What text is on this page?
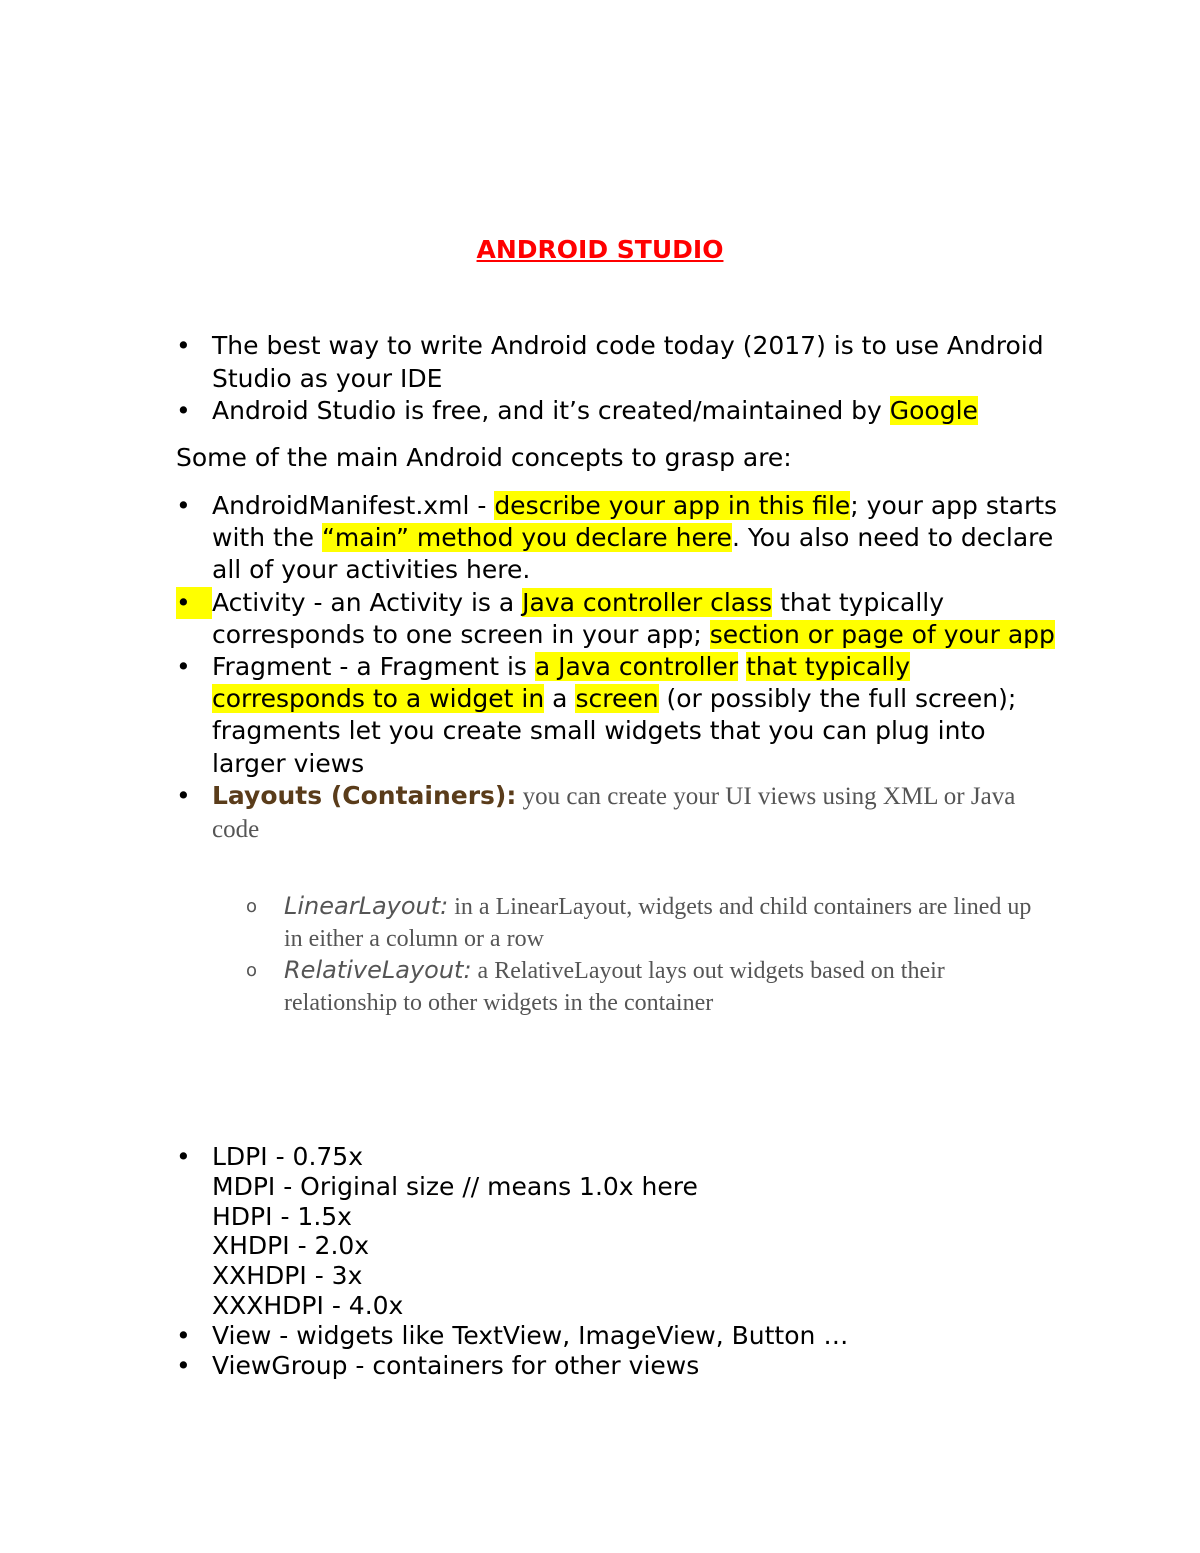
ANDROID STUDIO
• The best way to write Android code today (2017) is to use Android Studio as your IDE
• Android Studio is free, and it’s created/maintained by Google
Some of the main Android concepts to grasp are:
• AndroidManifest.xml - describe your app in this file; your app starts with the “main” method you declare here. You also need to declare all of your activities here.
• Activity - an Activity is a Java controller class that typically corresponds to one screen in your app; section or page of your app
• Fragment - a Fragment is a Java controller that typically corresponds to a widget in a screen (or possibly the full screen); fragments let you create small widgets that you can plug into larger views
• Layouts (Containers): you can create your UI views using XML or Java code
o LinearLayout: in a LinearLayout, widgets and child containers are lined up in either a column or a row
o RelativeLayout: a RelativeLayout lays out widgets based on their relationship to other widgets in the container
• LDPI - 0.75x
MDPI - Original size // means 1.0x here
HDPI - 1.5x
XHDPI - 2.0x
XXHDPI - 3x
XXXHDPI - 4.0x
• View - widgets like TextView, ImageView, Button …
• ViewGroup - containers for other views
